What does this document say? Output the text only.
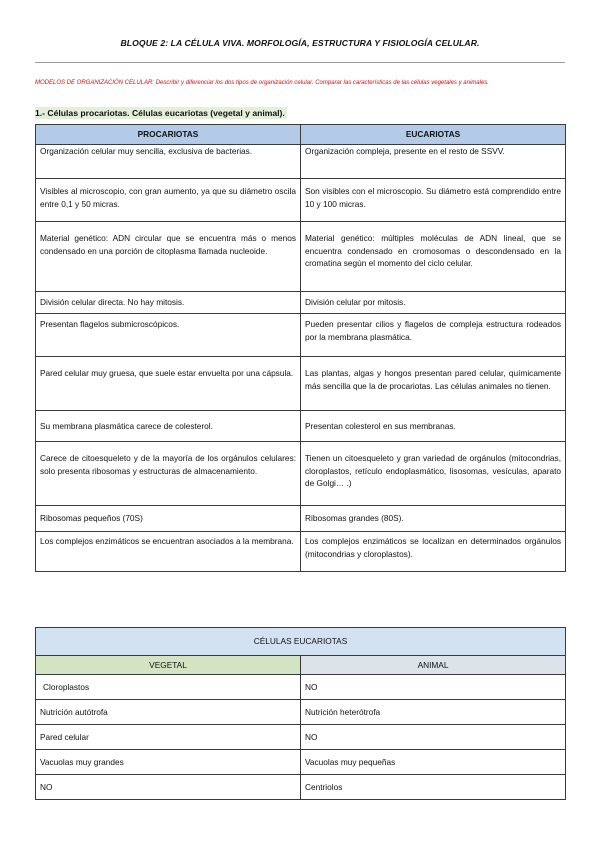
BLOQUE 2: LA CÉLULA VIVA. MORFOLOGÍA, ESTRUCTURA Y FISIOLOGÍA CELULAR.
MODELOS DE ORGANIZACIÓN CELULAR: Describir y diferenciar los dos tipos de organización celular. Comparar las características de las células vegetales y animales.
1.- Células procariotas. Células eucariotas (vegetal y animal).
PROCARIOTAS	EUCARIOTAS
Organización celular muy sencilla, exclusiva de bacterias.	Organización compleja, presente en el resto de SSVV.
Visibles al microscopio, con gran aumento, ya que su diámetro oscila entre 0,1 y 50 micras.	Son visibles con el microscopio. Su diámetro está comprendido entre 10 y 100 micras.
Material genético: ADN circular que se encuentra más o menos condensado en una porción de citoplasma llamada nucleoide.	Material genético: múltiples moléculas de ADN lineal, que se encuentra condensado en cromosomas o descondensado en la cromatina según el momento del ciclo celular.
División celular directa. No hay mitosis.	División celular por mitosis.
Presentan flagelos submicroscópicos.	Pueden presentar cilios y flagelos de compleja estructura rodeados por la membrana plasmática.
Pared celular muy gruesa, que suele estar envuelta por una cápsula.	Las plantas, algas y hongos presentan pared celular, químicamente más sencilla que la de procariotas. Las células animales no tienen.
Su membrana plasmática carece de colesterol.	Presentan colesterol en sus membranas.
Carece de citoesqueleto y de la mayoría de los orgánulos celulares: solo presenta ribosomas y estructuras de almacenamiento.	Tienen un citoesqueleto y gran variedad de orgánulos (mitocondrias, cloroplastos, retículo endoplasmático, lisosomas, vesículas, aparato de Golgi… .)
Ribosomas pequeños (70S)	Ribosomas grandes (80S).
Los complejos enzimáticos se encuentran asociados a la membrana.	Los complejos enzimáticos se localizan en determinados orgánulos (mitocondrias y cloroplastos).
CÉLULAS EUCARIOTAS	
VEGETAL	ANIMAL
Cloroplastos	NO
Nutrición autótrofa	Nutrición heterótrofa
Pared celular	NO
Vacuolas muy grandes	Vacuolas muy pequeñas
NO	Centriolos
